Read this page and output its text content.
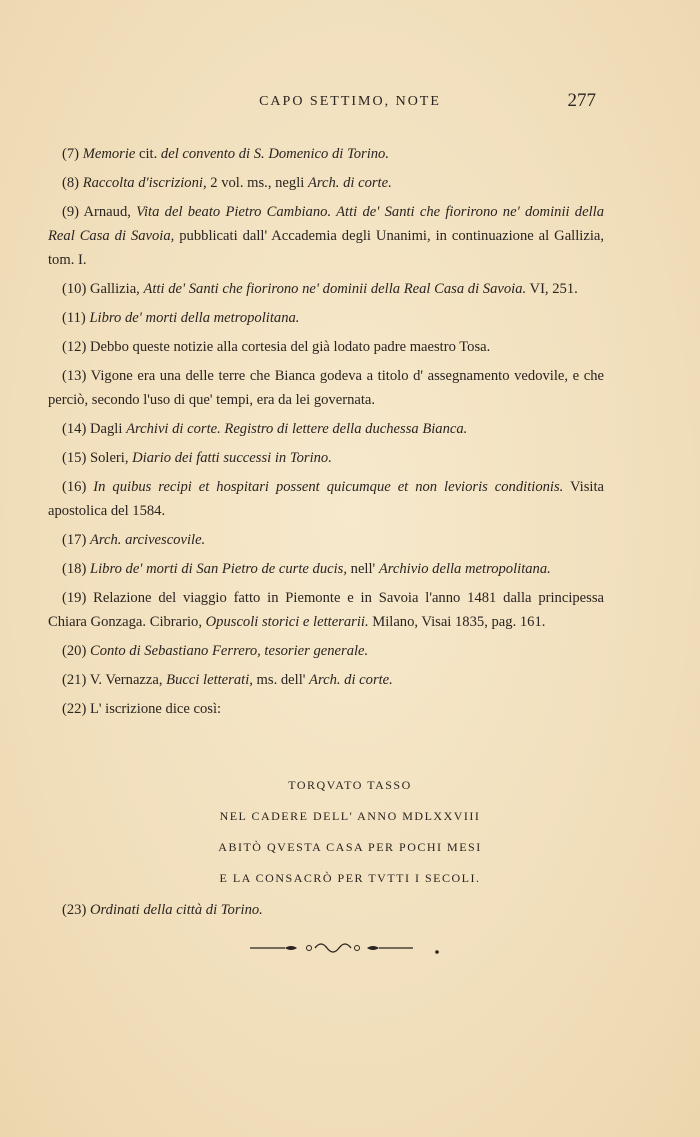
CAPO SETTIMO, NOTE	277

(7) Memorie cit. del convento di S. Domenico di Torino.

(8) Raccolta d'iscrizioni, 2 vol. ms., negli Arch. di corte.

(9) Arnaud, Vita del beato Pietro Cambiano. Atti de' Santi che fiorirono ne' dominii della Real Casa di Savoia, pubblicati dall' Accademia degli Unanimi, in continuazione al Gallizia, tom. I.

(10) Gallizia, Atti de' Santi che fiorirono ne' dominii della Real Casa di Savoia. VI, 251.

(11) Libro de' morti della metropolitana.

(12) Debbo queste notizie alla cortesia del già lodato padre maestro Tosa.

(13) Vigone era una delle terre che Bianca godeva a titolo d' assegnamento vedovile, e che perciò, secondo l'uso di que' tempi, era da lei governata.

(14) Dagli Archivi di corte. Registro di lettere della duchessa Bianca.

(15) Soleri, Diario dei fatti successi in Torino.

(16) In quibus recipi et hospitari possent quicumque et non levioris conditionis. Visita apostolica del 1584.

(17) Arch. arcivescovile.

(18) Libro de' morti di San Pietro de curte ducis, nell' Archivio della metropolitana.

(19) Relazione del viaggio fatto in Piemonte e in Savoia l'anno 1481 dalla principessa Chiara Gonzaga. Cibrario, Opuscoli storici e letterarii. Milano, Visai 1835, pag. 161.

(20) Conto di Sebastiano Ferrero, tesorier generale.

(21) V. Vernazza, Bucci letterati, ms. dell' Arch. di corte.

(22) L' iscrizione dice così:

TORQVATO TASSO
NEL CADERE DELL' ANNO MDLXXVIII
ABITÒ QVESTA CASA PER POCHI MESI
E LA CONSACRÒ PER TVTTI I SECOLI.
(23) Ordinati della città di Torino.
